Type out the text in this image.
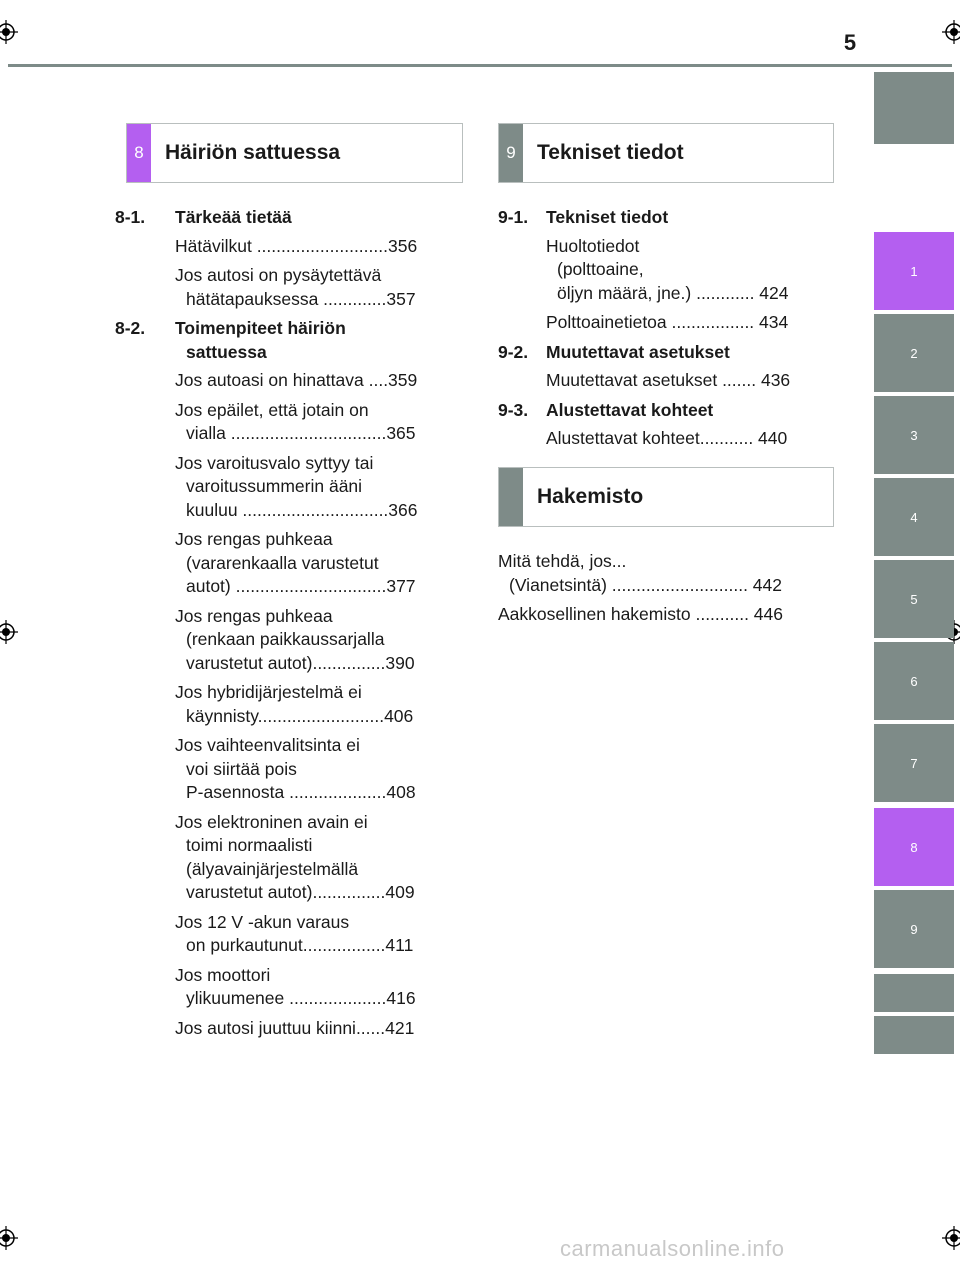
5
1
2
3
4
5
6
7
8
9
8	Häiriön sattuessa	9	Tekniset tiedot
8-1.	Tärkeää tietää
Hätävilkut ...........................356
Jos autosi on pysäytettävä
hätätapauksessa .............357
8-2.	Toimenpiteet häiriön
sattuessa
Jos autoasi on hinattava ....359
Jos epäilet, että jotain on
vialla ................................365
Jos varoitusvalo syttyy tai
varoitussummerin ääni
kuuluu ..............................366
Jos rengas puhkeaa
(vararenkaalla varustetut
autot) ...............................377
Jos rengas puhkeaa
(renkaan paikkaussarjalla
varustetut autot)...............390
Jos hybridijärjestelmä ei
käynnisty..........................406
Jos vaihteenvalitsinta ei
voi siirtää pois
P-asennosta ....................408
Jos elektroninen avain ei
toimi normaalisti
(älyavainjärjestelmällä
varustetut autot)...............409
Jos 12 V -akun varaus
on purkautunut.................411
Jos moottori
ylikuumenee ....................416
Jos autosi juuttuu kiinni......421
9-1.	Tekniset tiedot
Huoltotiedot
(polttoaine,
öljyn määrä, jne.) ............ 424
Polttoainetietoa ................. 434
9-2.	Muutettavat asetukset
Muutettavat asetukset ....... 436
9-3.	Alustettavat kohteet
Alustettavat kohteet........... 440
Hakemisto
Mitä tehdä, jos...
(Vianetsintä) ............................ 442
Aakkosellinen hakemisto ........... 446
carmanualsonline.info
